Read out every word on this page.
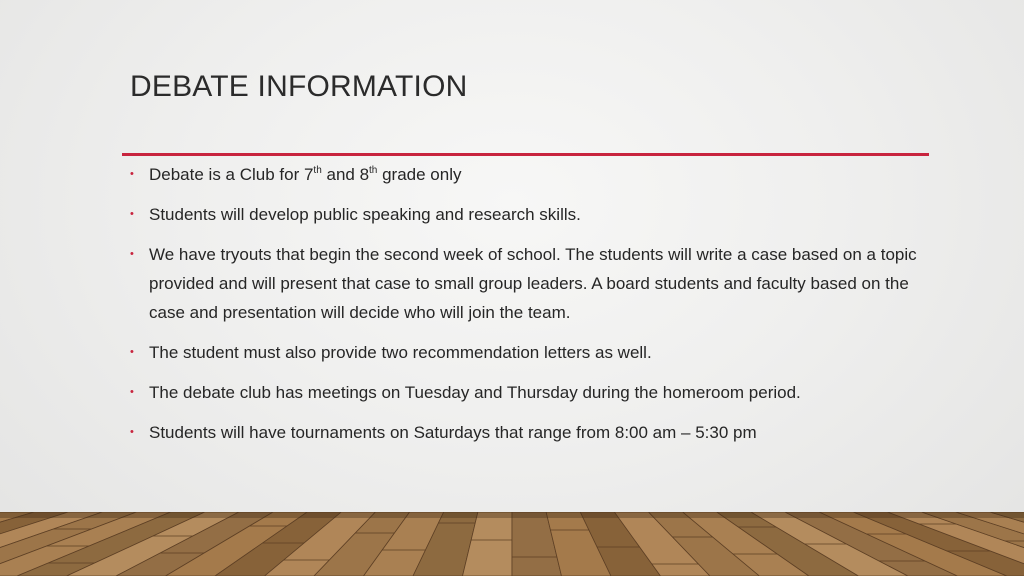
DEBATE INFORMATION
• Debate is a Club for 7th and 8th grade only
• Students will develop public speaking and research skills.
• We have tryouts that begin the second week of school. The students will write a case based on a topic provided and will present that case to small group leaders. A board students and faculty based on the case and presentation will decide who will join the team.
• The student must also provide two recommendation letters as well.
• The debate club has meetings on Tuesday and Thursday during the homeroom period.
• Students will have tournaments on Saturdays that range from 8:00 am – 5:30 pm
